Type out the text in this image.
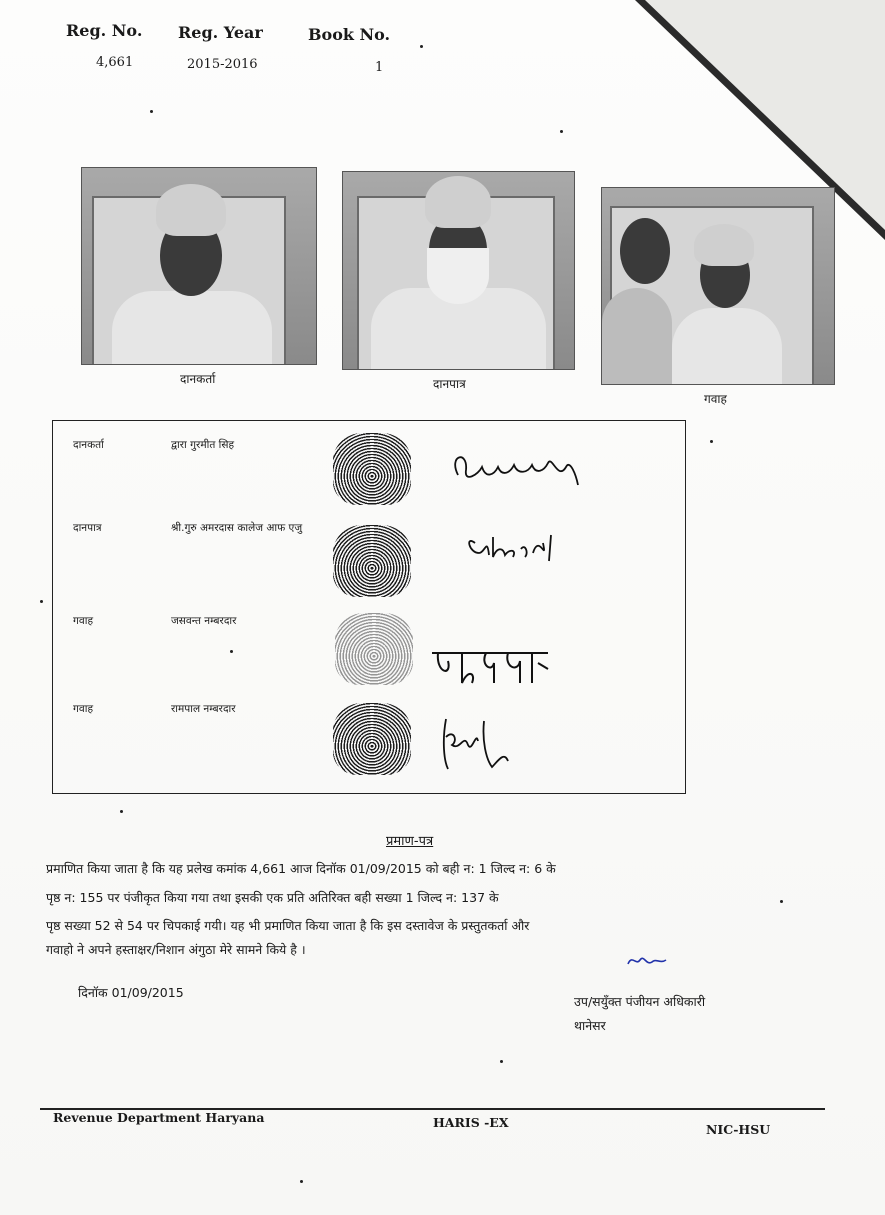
Reg. No. Reg. Year	Book No.
4,661	2015-2016	1
दानकर्ता	दानपात्र
गवाह
दानकर्ता	द्वारा गुरमीत सिह
दानपात्र	श्री.गुरु अमरदास कालेज आफ एजु
गवाह	जसवन्त नम्बरदार
गवाह	रामपाल नम्बरदार
प्रमाण-पत्र
प्रमाणित किया जाता है कि यह प्रलेख कमांक 4,661 आज दिनॉक 01/09/2015 को बही न: 1 जिल्द न: 6 के
पृष्ठ न: 155 पर पंजीकृत किया गया तथा इसकी एक प्रति अतिरिक्त बही सख्या 1 जिल्द न: 137 के
पृष्ठ सख्या 52 से 54 पर चिपकाई गयी। यह भी प्रमाणित किया जाता है कि इस दस्तावेज के प्रस्तुतकर्ता और
गवाहो ने अपने हस्ताक्षर/निशान अंगुठा मेरे सामने किये है ।
दिनॉक 01/09/2015
उप/सयुँक्त पंजीयन अधिकारी
थानेसर
Revenue Department Haryana	HARIS -EX	NIC-HSU
